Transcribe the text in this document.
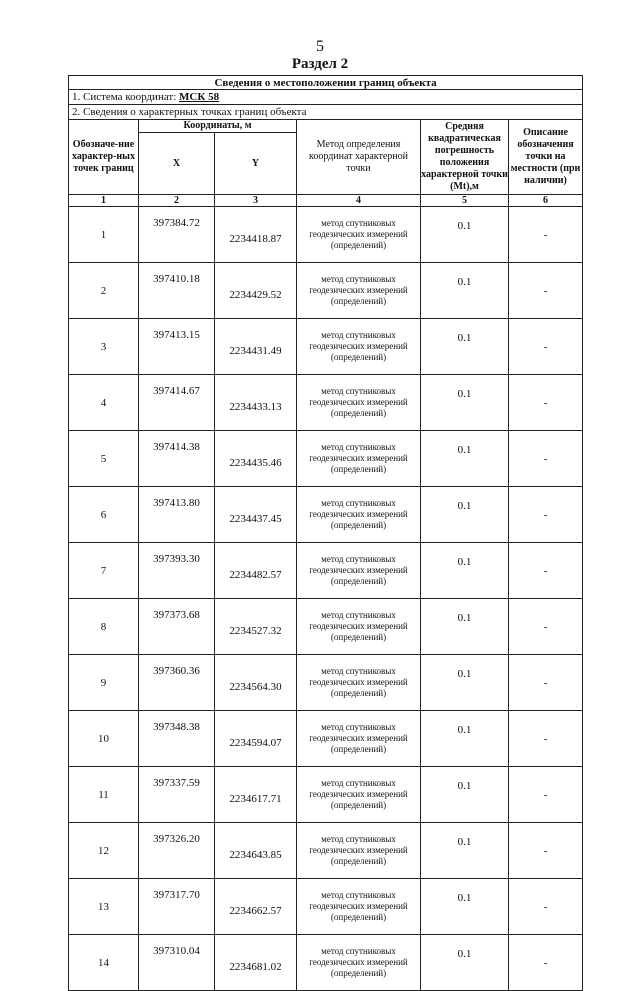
5
Раздел 2
Сведения о местоположении границ объекта					
1. Система координат: МСК 58					
2. Сведения о характерных точках границ объекта					
Обозначе-ние характер-ных точек границ	Координаты, м		Метод определения координат характерной точки	Средняя квадратическая погрешность положения характерной точки (Mt),м	Описание обозначения точки на местности (при наличии)
	X	Y			
1	2	3	4	5	6
1	397384.72	2234418.87	метод спутниковых геодезических измерений (определений)	0.1	-
2	397410.18	2234429.52	метод спутниковых геодезических измерений (определений)	0.1	-
3	397413.15	2234431.49	метод спутниковых геодезических измерений (определений)	0.1	-
4	397414.67	2234433.13	метод спутниковых геодезических измерений (определений)	0.1	-
5	397414.38	2234435.46	метод спутниковых геодезических измерений (определений)	0.1	-
6	397413.80	2234437.45	метод спутниковых геодезических измерений (определений)	0.1	-
7	397393.30	2234482.57	метод спутниковых геодезических измерений (определений)	0.1	-
8	397373.68	2234527.32	метод спутниковых геодезических измерений (определений)	0.1	-
9	397360.36	2234564.30	метод спутниковых геодезических измерений (определений)	0.1	-
10	397348.38	2234594.07	метод спутниковых геодезических измерений (определений)	0.1	-
11	397337.59	2234617.71	метод спутниковых геодезических измерений (определений)	0.1	-
12	397326.20	2234643.85	метод спутниковых геодезических измерений (определений)	0.1	-
13	397317.70	2234662.57	метод спутниковых геодезических измерений (определений)	0.1	-
14	397310.04	2234681.02	метод спутниковых геодезических измерений (определений)	0.1	-
